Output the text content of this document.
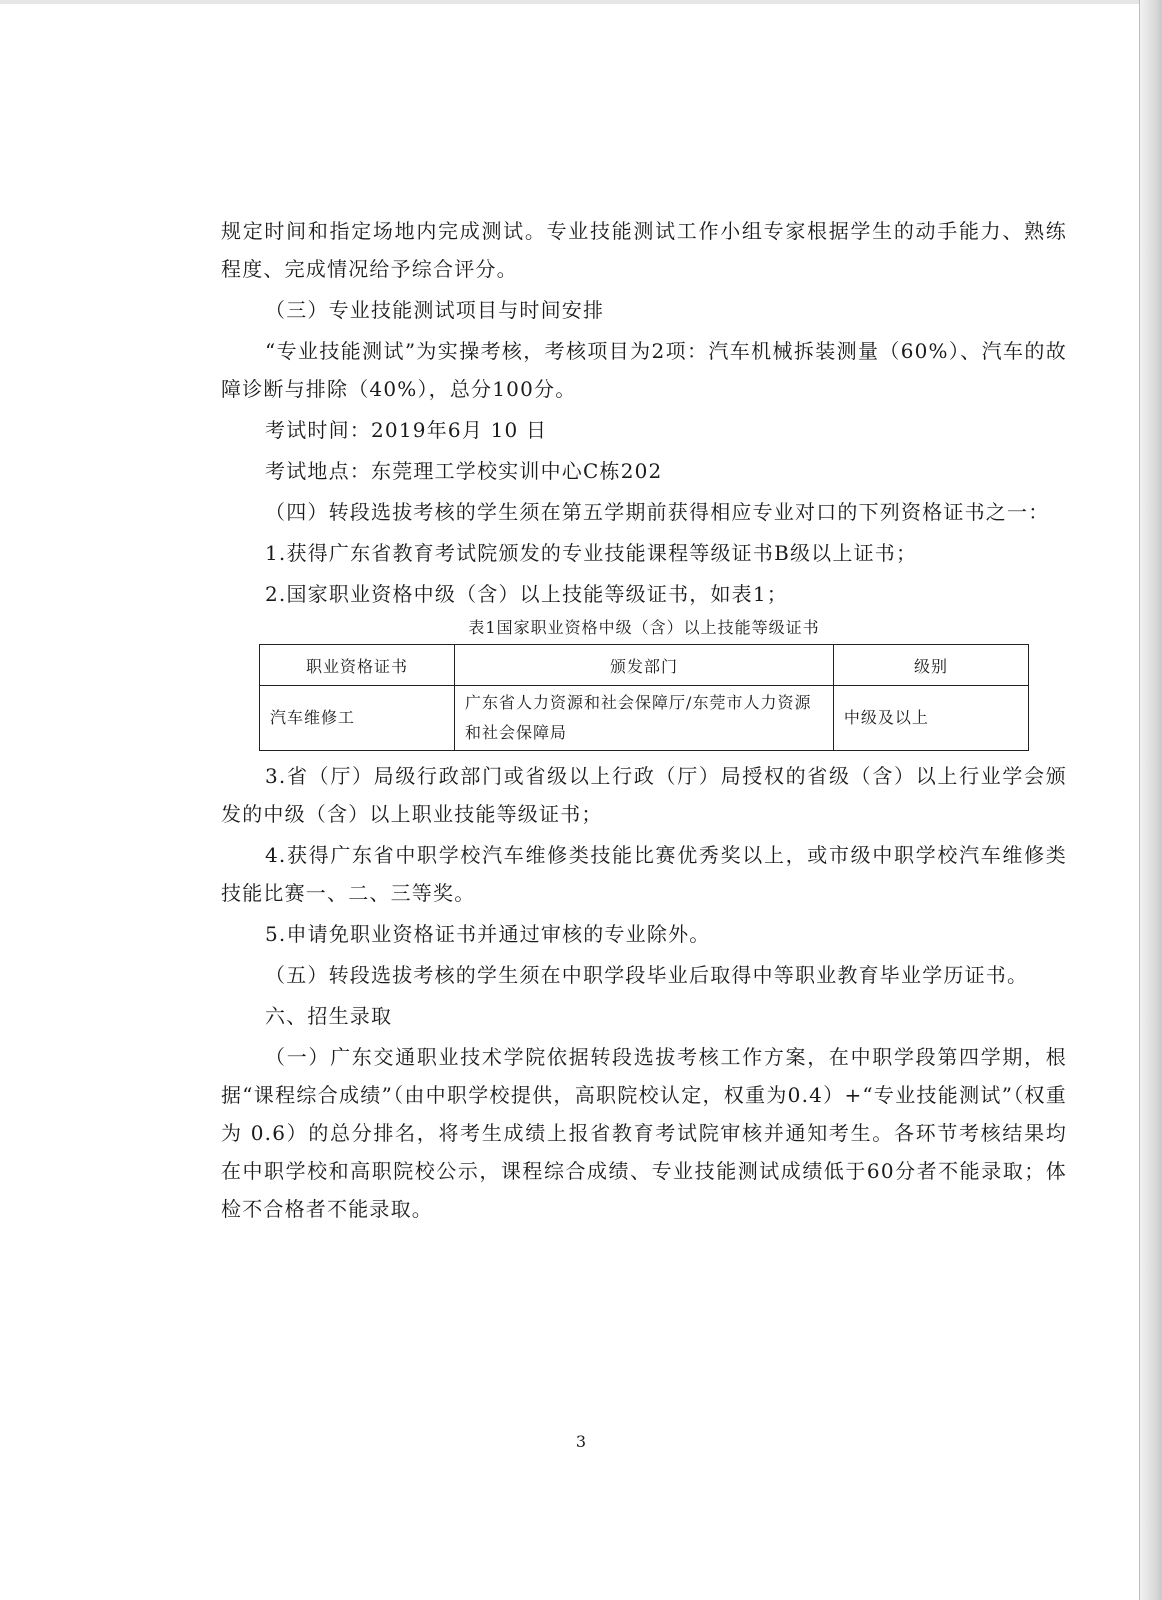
规定时间和指定场地内完成测试。专业技能测试工作小组专家根据学生的动手能力、熟练程度、完成情况给予综合评分。

（三）专业技能测试项目与时间安排

“专业技能测试”为实操考核，考核项目为2项：汽车机械拆装测量（60%）、汽车的故障诊断与排除（40%），总分100分。

考试时间：2019年6月 10 日

考试地点：东莞理工学校实训中心C栋202

（四）转段选拔考核的学生须在第五学期前获得相应专业对口的下列资格证书之一：

1.获得广东省教育考试院颁发的专业技能课程等级证书B级以上证书；

2.国家职业资格中级（含）以上技能等级证书，如表1；

表1国家职业资格中级（含）以上技能等级证书
职业资格证书	颁发部门	级别
汽车维修工	广东省人力资源和社会保障厅/东莞市人力资源和社会保障局	中级及以上

3.省（厅）局级行政部门或省级以上行政（厅）局授权的省级（含）以上行业学会颁发的中级（含）以上职业技能等级证书；

4.获得广东省中职学校汽车维修类技能比赛优秀奖以上，或市级中职学校汽车维修类技能比赛一、二、三等奖。

5.申请免职业资格证书并通过审核的专业除外。

（五）转段选拔考核的学生须在中职学段毕业后取得中等职业教育毕业学历证书。

六、招生录取

（一）广东交通职业技术学院依据转段选拔考核工作方案，在中职学段第四学期，根据“课程综合成绩”（由中职学校提供，高职院校认定，权重为0.4）+“专业技能测试”（权重为 0.6）的总分排名，将考生成绩上报省教育考试院审核并通知考生。各环节考核结果均在中职学校和高职院校公示，课程综合成绩、专业技能测试成绩低于60分者不能录取；体检不合格者不能录取。

3
